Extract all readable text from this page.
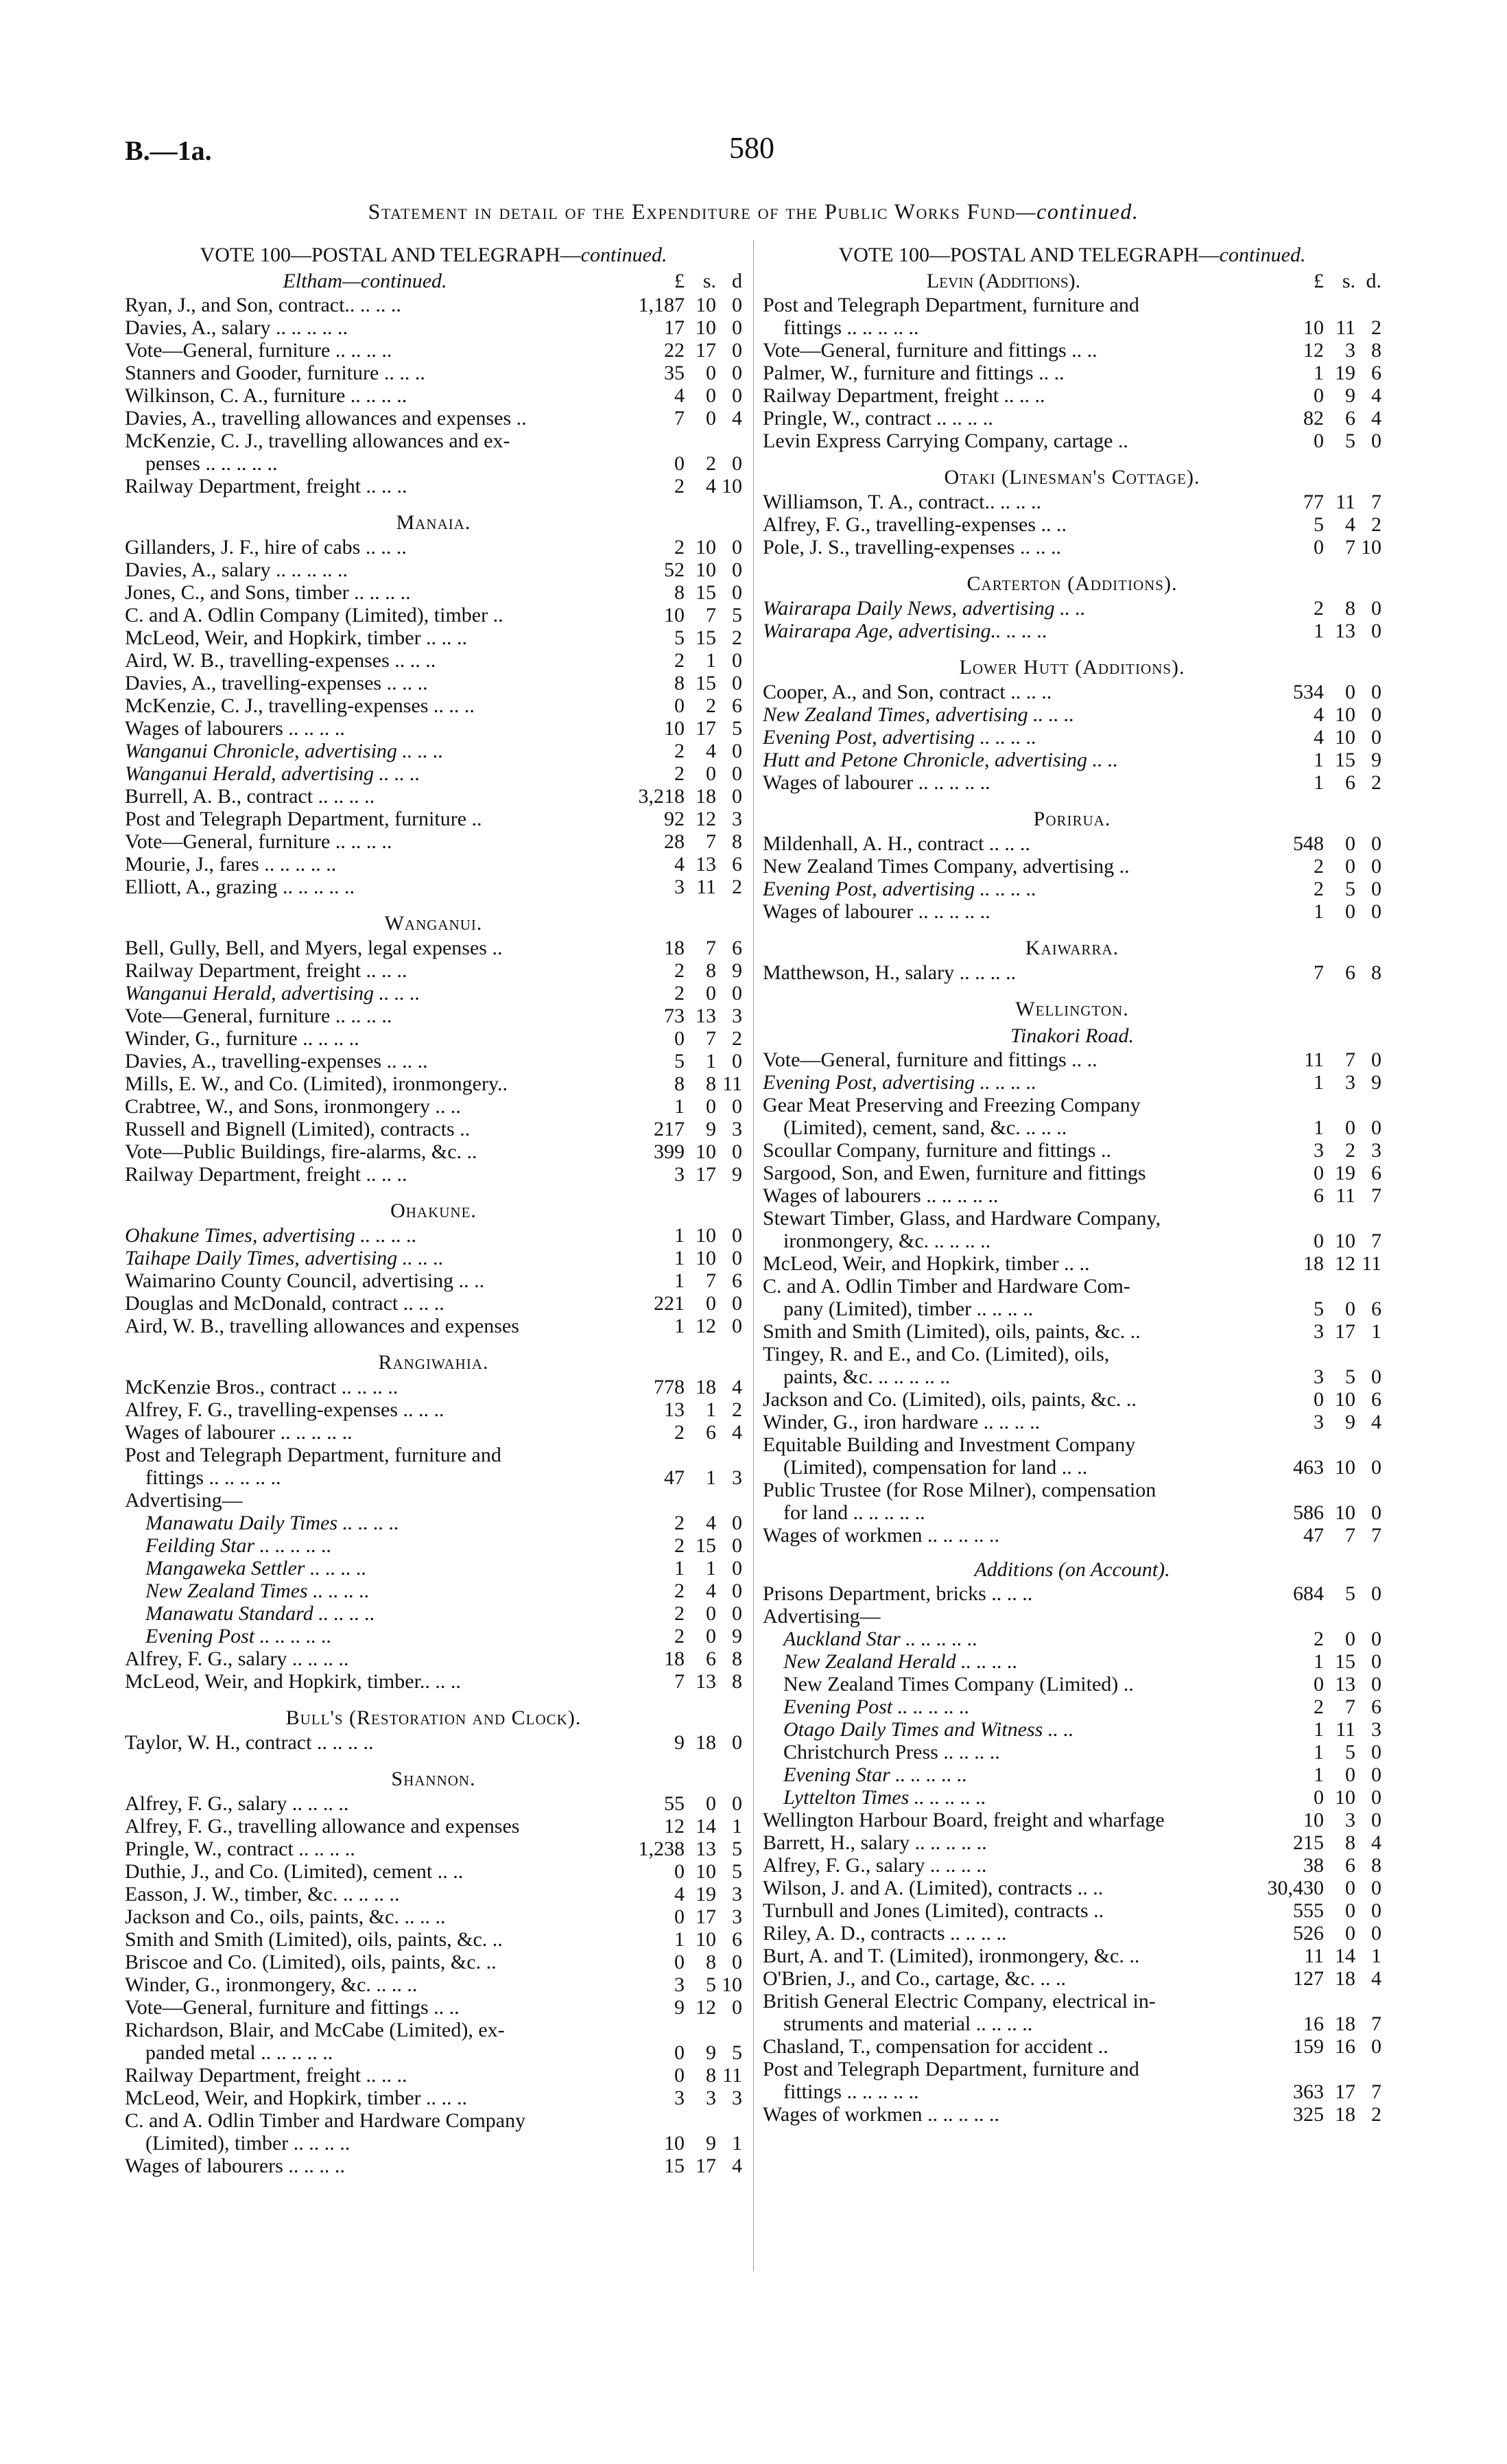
B.—1a.	580
Statement in detail of the Expenditure of the Public Works Fund—continued.
VOTE 100—POSTAL AND TELEGRAPH—continued.
Eltham—continued.	£ s. d
Ryan, J., and Son, contract.. .. .. ..	1,187 10 0
Davies, A., salary .. .. .. .. ..	17 10 0
Vote—General, furniture .. .. .. ..	22 17 0
Stanners and Gooder, furniture .. .. ..	35	0 0
Wilkinson, C. A., furniture .. .. .. ..	4	0 0
Davies, A., travelling allowances and expenses ..	7	0 4
McKenzie, C. J., travelling allowances and ex-
penses .. .. .. .. ..	0	2 0
Railway Department, freight .. .. ..	2	4 10
Manaia.
Gillanders, J. F., hire of cabs .. .. ..	2 10 0
Davies, A., salary .. .. .. .. ..	52 10 0
Jones, C., and Sons, timber .. .. .. ..	8 15 0
C. and A. Odlin Company (Limited), timber ..	10	7 5
McLeod, Weir, and Hopkirk, timber .. .. ..	5 15 2
Aird, W. B., travelling-expenses .. .. ..	2	1 0
Davies, A., travelling-expenses .. .. ..	8 15 0
McKenzie, C. J., travelling-expenses .. .. ..	0	2 6
Wages of labourers .. .. .. ..	10 17 5
Wanganui Chronicle, advertising .. .. ..	2	4 0
Wanganui Herald, advertising .. .. ..	2	0 0
Burrell, A. B., contract .. .. .. ..	3,218 18 0
Post and Telegraph Department, furniture ..	92 12 3
Vote—General, furniture .. .. .. ..	28	7 8
Mourie, J., fares .. .. .. .. ..	4 13 6
Elliott, A., grazing .. .. .. .. ..	3 11 2
Wanganui.
Bell, Gully, Bell, and Myers, legal expenses ..	18	7 6
Railway Department, freight .. .. ..	2	8 9
Wanganui Herald, advertising .. .. ..	2	0 0
Vote—General, furniture .. .. .. ..	73 13 3
Winder, G., furniture .. .. .. ..	0	7 2
Davies, A., travelling-expenses .. .. ..	5	1 0
Mills, E. W., and Co. (Limited), ironmongery..	8	8 11
Crabtree, W., and Sons, ironmongery .. ..	1	0 0
Russell and Bignell (Limited), contracts ..	217	9 3
Vote—Public Buildings, fire-alarms, &c. ..	399 10 0
Railway Department, freight .. .. ..	3 17 9
Ohakune.
Ohakune Times, advertising .. .. .. ..	1 10 0
Taihape Daily Times, advertising .. .. ..	1 10 0
Waimarino County Council, advertising .. ..	1	7 6
Douglas and McDonald, contract .. .. ..	221	0 0
Aird, W. B., travelling allowances and expenses	1 12 0
Rangiwahia.
McKenzie Bros., contract .. .. .. ..	778 18 4
Alfrey, F. G., travelling-expenses .. .. ..	13	1 2
Wages of labourer .. .. .. .. ..	2	6 4
Post and Telegraph Department, furniture and
fittings .. .. .. .. ..	47	1 3
Advertising—
Manawatu Daily Times .. .. .. ..	2	4 0
Feilding Star .. .. .. .. ..	2 15 0
Mangaweka Settler .. .. .. ..	1	1 0
New Zealand Times .. .. .. ..	2	4 0
Manawatu Standard .. .. .. ..	2	0 0
Evening Post .. .. .. .. ..	2	0 9
Alfrey, F. G., salary .. .. .. ..	18	6 8
McLeod, Weir, and Hopkirk, timber.. .. ..	7 13 8
Bull's (Restoration and Clock).
Taylor, W. H., contract .. .. .. ..	9 18 0
Shannon.
Alfrey, F. G., salary .. .. .. ..	55	0 0
Alfrey, F. G., travelling allowance and expenses	12 14 1
Pringle, W., contract .. .. .. ..	1,238 13 5
Duthie, J., and Co. (Limited), cement .. ..	0 10 5
Easson, J. W., timber, &c. .. .. .. ..	4 19 3
Jackson and Co., oils, paints, &c. .. .. ..	0 17 3
Smith and Smith (Limited), oils, paints, &c. ..	1 10 6
Briscoe and Co. (Limited), oils, paints, &c. ..	0	8 0
Winder, G., ironmongery, &c. .. .. ..	3	5 10
Vote—General, furniture and fittings .. ..	9 12 0
Richardson, Blair, and McCabe (Limited), ex-
panded metal .. .. .. .. ..	0	9 5
Railway Department, freight .. .. ..	0	8 11
McLeod, Weir, and Hopkirk, timber .. .. ..	3	3 3
C. and A. Odlin Timber and Hardware Company
(Limited), timber .. .. .. ..	10	9 1
Wages of labourers .. .. .. ..	15 17 4
VOTE 100—POSTAL AND TELEGRAPH—continued.
Levin (Additions).	£ s. d.
Post and Telegraph Department, furniture and
fittings .. .. .. .. ..	10 11 2
Vote—General, furniture and fittings .. ..	12	3 8
Palmer, W., furniture and fittings .. ..	1 19 6
Railway Department, freight .. .. ..	0	9 4
Pringle, W., contract .. .. .. ..	82	6 4
Levin Express Carrying Company, cartage ..	0	5 0
Otaki (Linesman's Cottage).
Williamson, T. A., contract.. .. .. ..	77 11 7
Alfrey, F. G., travelling-expenses .. ..	5	4 2
Pole, J. S., travelling-expenses .. .. ..	0	7 10
Carterton (Additions).
Wairarapa Daily News, advertising .. ..	2	8 0
Wairarapa Age, advertising.. .. .. ..	1 13 0
Lower Hutt (Additions).
Cooper, A., and Son, contract .. .. ..	534	0 0
New Zealand Times, advertising .. .. ..	4 10 0
Evening Post, advertising .. .. .. ..	4 10 0
Hutt and Petone Chronicle, advertising .. ..	1 15 9
Wages of labourer .. .. .. .. ..	1	6 2
Porirua.
Mildenhall, A. H., contract .. .. ..	548	0 0
New Zealand Times Company, advertising ..	2	0 0
Evening Post, advertising .. .. .. ..	2	5 0
Wages of labourer .. .. .. .. ..	1	0 0
Kaiwarra.
Matthewson, H., salary .. .. .. ..	7	6 8
Wellington.
Tinakori Road.
Vote—General, furniture and fittings .. ..	11	7 0
Evening Post, advertising .. .. .. ..	1	3 9
Gear Meat Preserving and Freezing Company
(Limited), cement, sand, &c. .. .. ..	1	0 0
Scoullar Company, furniture and fittings ..	3	2 3
Sargood, Son, and Ewen, furniture and fittings	0 19 6
Wages of labourers .. .. .. .. ..	6 11 7
Stewart Timber, Glass, and Hardware Company,
ironmongery, &c. .. .. .. ..	0 10 7
McLeod, Weir, and Hopkirk, timber .. ..	18 12 11
C. and A. Odlin Timber and Hardware Com-
pany (Limited), timber .. .. .. ..	5	0 6
Smith and Smith (Limited), oils, paints, &c. ..	3 17 1
Tingey, R. and E., and Co. (Limited), oils,
paints, &c. .. .. .. .. ..	3	5 0
Jackson and Co. (Limited), oils, paints, &c. ..	0 10 6
Winder, G., iron hardware .. .. .. ..	3	9 4
Equitable Building and Investment Company
(Limited), compensation for land .. ..	463 10 0
Public Trustee (for Rose Milner), compensation
for land .. .. .. .. ..	586 10 0
Wages of workmen .. .. .. .. ..	47	7 7
Additions (on Account).
Prisons Department, bricks .. .. ..	684	5 0
Advertising—
Auckland Star .. .. .. .. ..	2	0 0
New Zealand Herald .. .. .. ..	1 15 0
New Zealand Times Company (Limited) ..	0 13 0
Evening Post .. .. .. .. ..	2	7 6
Otago Daily Times and Witness .. ..	1 11 3
Christchurch Press .. .. .. ..	1	5 0
Evening Star .. .. .. .. ..	1	0 0
Lyttelton Times .. .. .. .. ..	0 10 0
Wellington Harbour Board, freight and wharfage	10	3 0
Barrett, H., salary .. .. .. .. ..	215	8 4
Alfrey, F. G., salary .. .. .. ..	38	6 8
Wilson, J. and A. (Limited), contracts .. ..	30,430	0 0
Turnbull and Jones (Limited), contracts ..	555	0 0
Riley, A. D., contracts .. .. .. ..	526	0 0
Burt, A. and T. (Limited), ironmongery, &c. ..	11 14 1
O'Brien, J., and Co., cartage, &c. .. ..	127 18 4
British General Electric Company, electrical in-
struments and material .. .. .. ..	16 18 7
Chasland, T., compensation for accident ..	159 16 0
Post and Telegraph Department, furniture and
fittings .. .. .. .. ..	363 17 7
Wages of workmen .. .. .. .. ..	325 18 2
